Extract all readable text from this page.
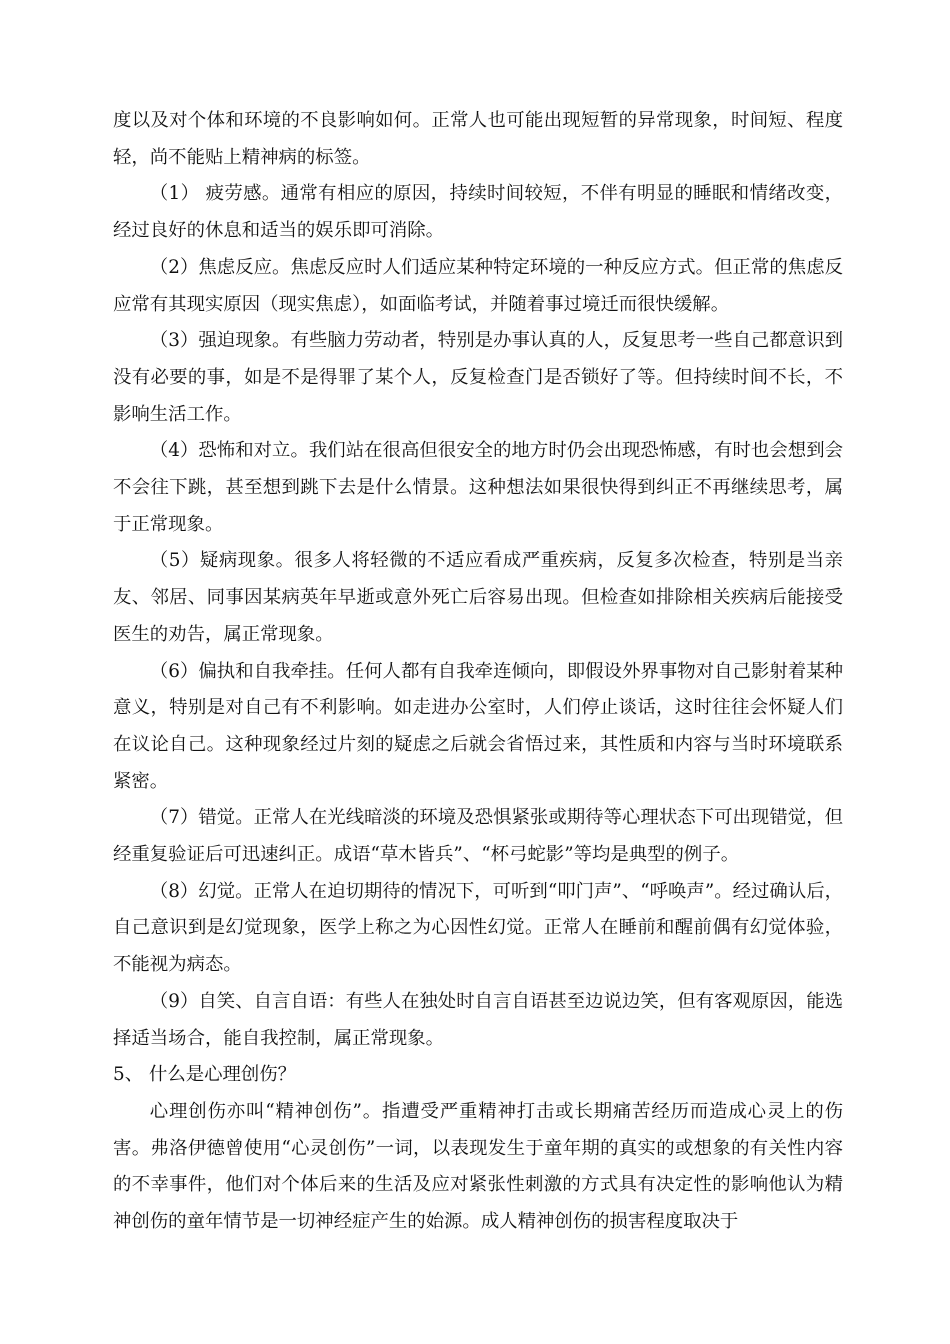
度以及对个体和环境的不良影响如何。正常人也可能出现短暂的异常现象，时间短、程度轻，尚不能贴上精神病的标签。

（1） 疲劳感。通常有相应的原因，持续时间较短，不伴有明显的睡眠和情绪改变，经过良好的休息和适当的娱乐即可消除。

（2）焦虑反应。焦虑反应时人们适应某种特定环境的一种反应方式。但正常的焦虑反应常有其现实原因（现实焦虑），如面临考试，并随着事过境迁而很快缓解。

（3）强迫现象。有些脑力劳动者，特别是办事认真的人，反复思考一些自己都意识到没有必要的事，如是不是得罪了某个人，反复检查门是否锁好了等。但持续时间不长，不影响生活工作。

（4）恐怖和对立。我们站在很高但很安全的地方时仍会出现恐怖感，有时也会想到会不会往下跳，甚至想到跳下去是什么情景。这种想法如果很快得到纠正不再继续思考，属于正常现象。

（5）疑病现象。很多人将轻微的不适应看成严重疾病，反复多次检查，特别是当亲友、邻居、同事因某病英年早逝或意外死亡后容易出现。但检查如排除相关疾病后能接受医生的劝告，属正常现象。

（6）偏执和自我牵挂。任何人都有自我牵连倾向，即假设外界事物对自己影射着某种意义，特别是对自己有不利影响。如走进办公室时，人们停止谈话，这时往往会怀疑人们在议论自己。这种现象经过片刻的疑虑之后就会省悟过来，其性质和内容与当时环境联系紧密。

（7）错觉。正常人在光线暗淡的环境及恐惧紧张或期待等心理状态下可出现错觉，但经重复验证后可迅速纠正。成语“草木皆兵”、“杯弓蛇影”等均是典型的例子。

（8）幻觉。正常人在迫切期待的情况下，可听到“叩门声”、“呼唤声”。经过确认后，自己意识到是幻觉现象，医学上称之为心因性幻觉。正常人在睡前和醒前偶有幻觉体验，不能视为病态。

（9）自笑、自言自语：有些人在独处时自言自语甚至边说边笑，但有客观原因，能选择适当场合，能自我控制，属正常现象。

5、 什么是心理创伤？

心理创伤亦叫“精神创伤”。指遭受严重精神打击或长期痛苦经历而造成心灵上的伤害。弗洛伊德曾使用“心灵创伤”一词，以表现发生于童年期的真实的或想象的有关性内容的不幸事件，他们对个体后来的生活及应对紧张性刺激的方式具有决定性的影响他认为精神创伤的童年情节是一切神经症产生的始源。成人精神创伤的损害程度取决于
